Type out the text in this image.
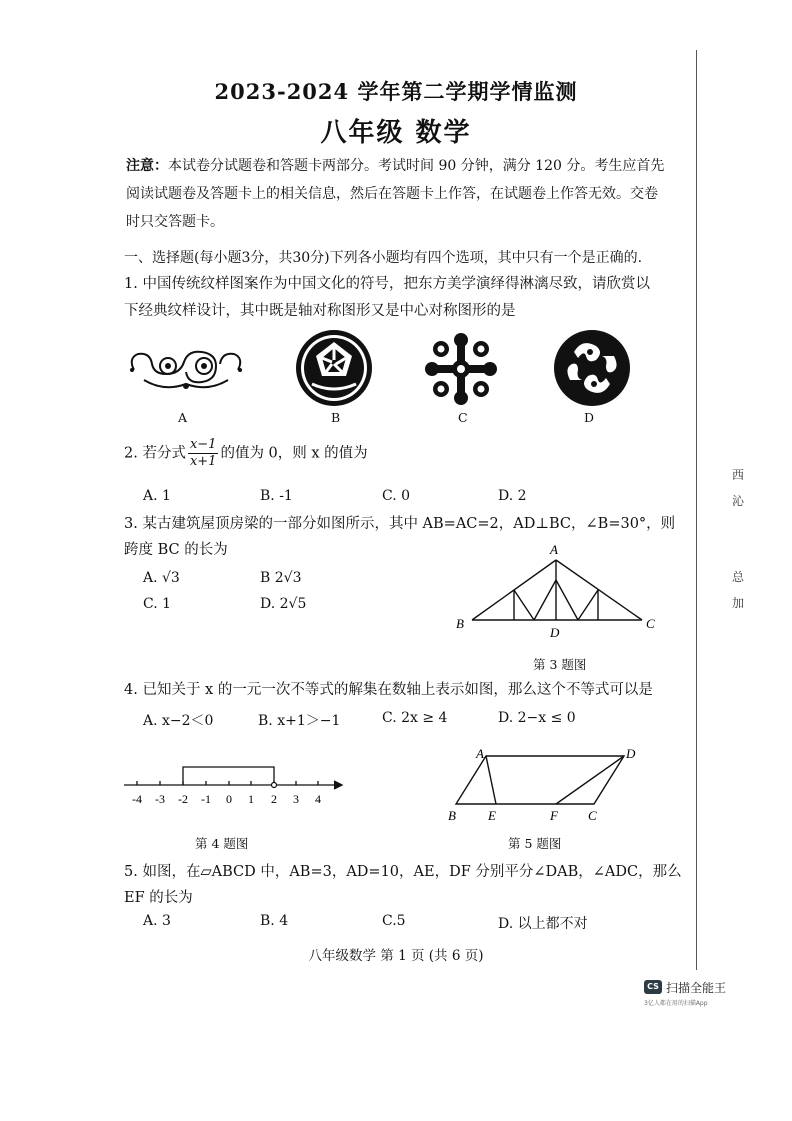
2023-2024 学年第二学期学情监测
八年级 数学
注意：本试卷分试题卷和答题卡两部分。考试时间 90 分钟，满分 120 分。考生应首先阅读试题卷及答题卡上的相关信息，然后在答题卡上作答，在试题卷上作答无效。交卷时只交答题卡。
一、选择题(每小题3分，共30分)下列各小题均有四个选项，其中只有一个是正确的.
1. 中国传统纹样图案作为中国文化的符号，把东方美学演绎得淋漓尽致，请欣赏以
下经典纹样设计，其中既是轴对称图形又是中心对称图形的是
A	B	C	D
2. 若分式 $\frac{x-1}{x+1}$ 的值为 0，则 x 的值为
A. 1	B. -1	C. 0	D. 2
3. 某古建筑屋顶房梁的一部分如图所示，其中 AB=AC=2，AD⊥BC，∠B=30°，则
跨度 BC 的长为
A. √3	B 2√3
C. 1	D. 2√5
A
B	C
D
第 3 题图
4. 已知关于 x 的一元一次不等式的解集在数轴上表示如图，那么这个不等式可以是
A. x−2＜0	B. x+1＞−1	C. 2x ≥ 4	D. 2−x ≤ 0
-4 -3 -2 -1 0 1 2 3 4
第 4 题图
A	D
B E	F C
第 5 题图
5. 如图，在▱ABCD 中，AB=3，AD=10，AE，DF 分别平分∠DAB，∠ADC，那么
EF 的长为
A. 3	B. 4	C.5	D. 以上都不对
八年级数学 第 1 页 (共 6 页)
西
沁
总
加
CS 扫描全能王
3亿人都在用的扫描App
